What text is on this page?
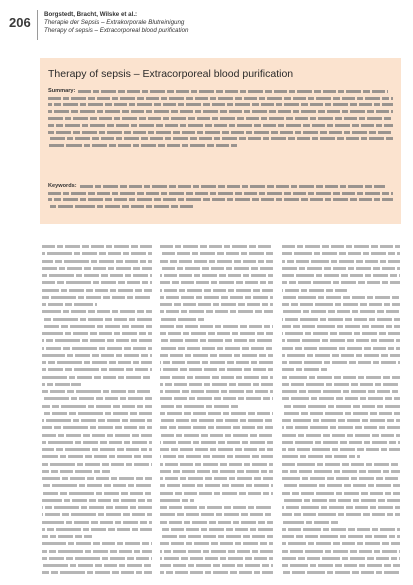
206
Borgstedt, Bracht, Wilske et al.:
Therapie der Sepsis – Extrakorporale Blutreinigung
Therapy of sepsis – Extracorporeal blood purification
Therapy of sepsis – Extracorporeal blood purification
Summary:
Keywords:
